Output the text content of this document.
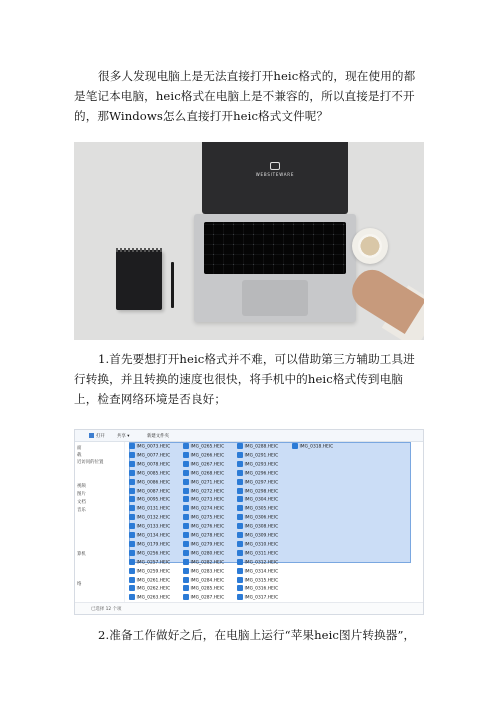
很多人发现电脑上是无法直接打开heic格式的，现在使用的都是笔记本电脑，heic格式在电脑上是不兼容的，所以直接是打不开的，那Windows怎么直接打开heic格式文件呢？
WEBSITEWARE
1.首先要想打开heic格式并不难，可以借助第三方辅助工具进行转换，并且转换的速度也很快，将手机中的heic格式传到电脑上，检查网络环境是否良好；
打开	共享 ▾	新建文件夹
面
载
近访问的位置
视频
图片
文档
音乐
算机
络
IMG_0073.HEIC
IMG_0077.HEIC
IMG_0078.HEIC
IMG_0085.HEIC
IMG_0086.HEIC
IMG_0087.HEIC
IMG_0095.HEIC
IMG_0131.HEIC
IMG_0132.HEIC
IMG_0133.HEIC
IMG_0134.HEIC
IMG_0179.HEIC
IMG_0256.HEIC
IMG_0257.HEIC
IMG_0259.HEIC
IMG_0261.HEIC
IMG_0262.HEIC
IMG_0263.HEIC
IMG_0265.HEIC
IMG_0266.HEIC
IMG_0267.HEIC
IMG_0268.HEIC
IMG_0271.HEIC
IMG_0272.HEIC
IMG_0273.HEIC
IMG_0274.HEIC
IMG_0275.HEIC
IMG_0276.HEIC
IMG_0278.HEIC
IMG_0279.HEIC
IMG_0280.HEIC
IMG_0282.HEIC
IMG_0283.HEIC
IMG_0284.HEIC
IMG_0285.HEIC
IMG_0287.HEIC
IMG_0288.HEIC
IMG_0291.HEIC
IMG_0293.HEIC
IMG_0296.HEIC
IMG_0297.HEIC
IMG_0298.HEIC
IMG_0304.HEIC
IMG_0305.HEIC
IMG_0306.HEIC
IMG_0308.HEIC
IMG_0309.HEIC
IMG_0310.HEIC
IMG_0311.HEIC
IMG_0312.HEIC
IMG_0314.HEIC
IMG_0315.HEIC
IMG_0316.HEIC
IMG_0317.HEIC
IMG_0318.HEIC
已选择 12 个项
2.准备工作做好之后，在电脑上运行“苹果heic图片转换器”，
